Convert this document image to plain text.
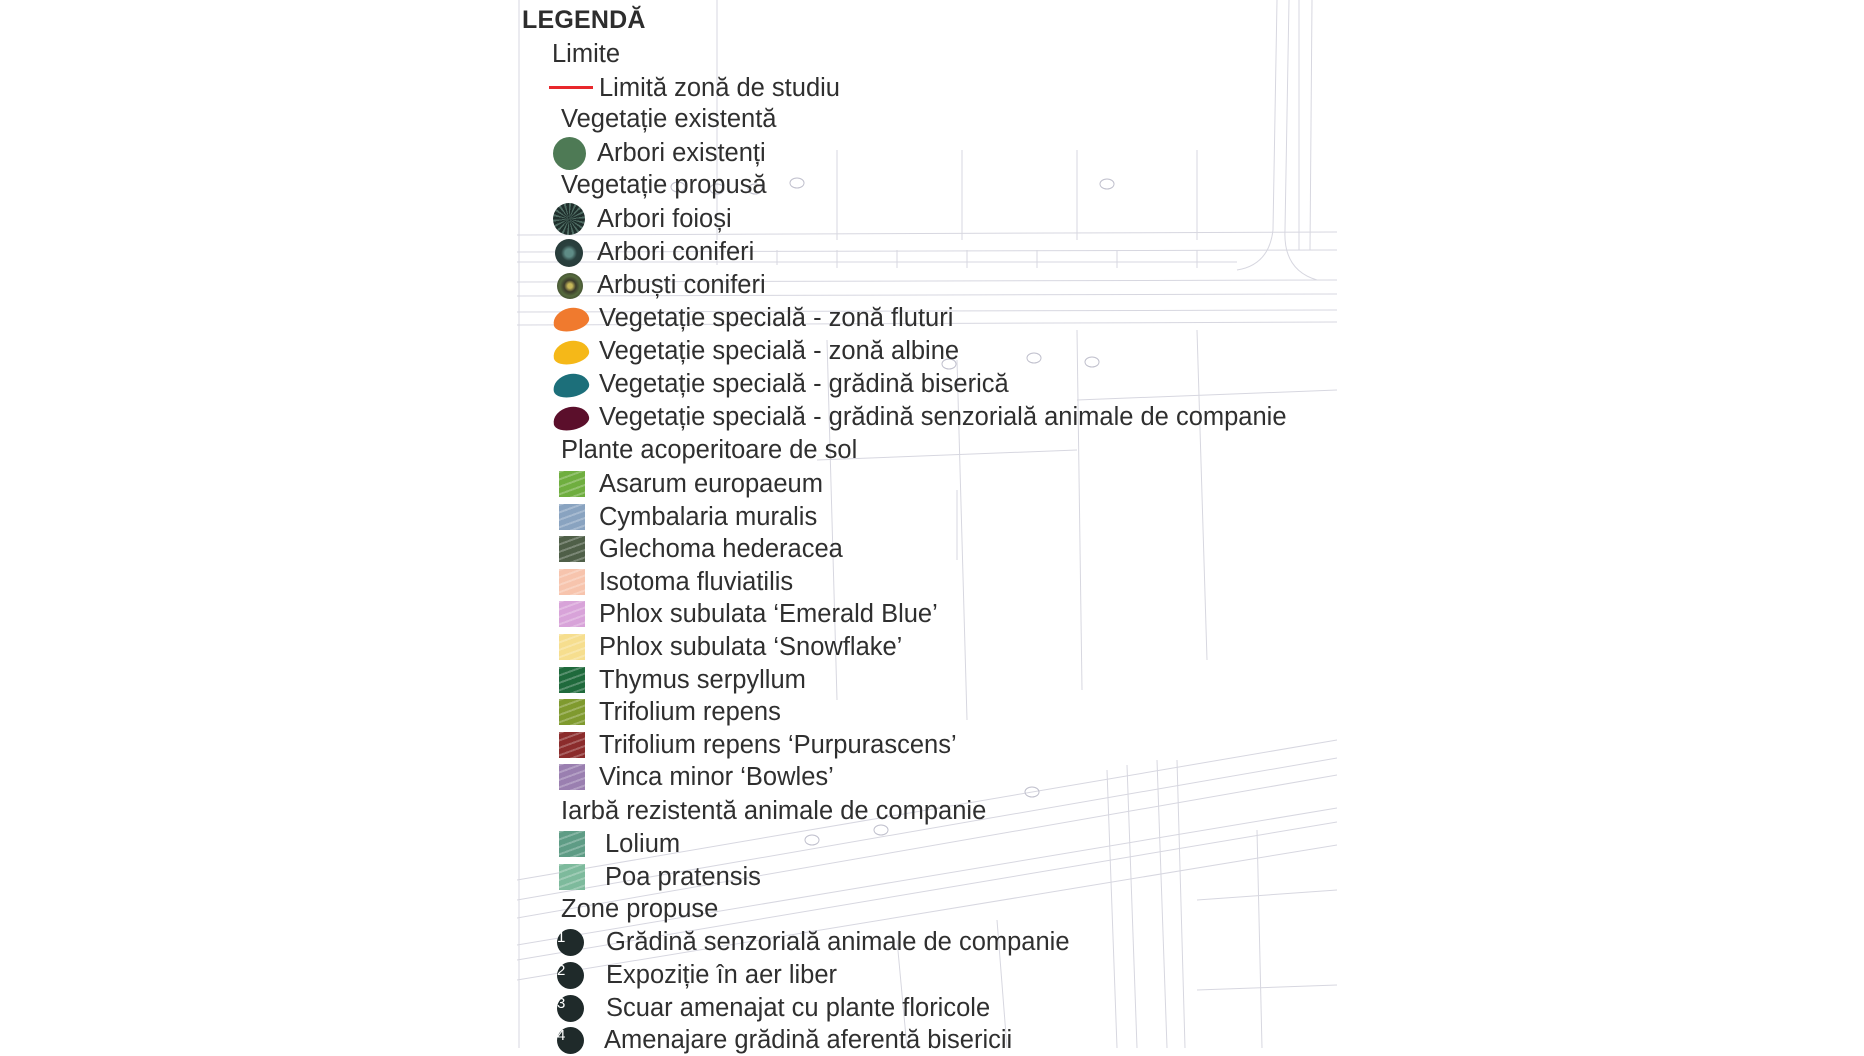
LEGENDĂ
Limite
Limită zonă de studiu
Vegetație existentă
Arbori existenți
Vegetație propusă
Arbori foioși
Arbori coniferi
Arbuști coniferi
Vegetație specială - zonă fluturi
Vegetație specială - zonă albine
Vegetație specială - grădină biserică
Vegetație specială - grădină senzorială animale de companie
Plante acoperitoare de sol
Asarum europaeum
Cymbalaria muralis
Glechoma hederacea
Isotoma fluviatilis
Phlox subulata ‘Emerald Blue’
Phlox subulata ‘Snowflake’
Thymus serpyllum
Trifolium repens
Trifolium repens ‘Purpurascens’
Vinca minor ‘Bowles’
Iarbă rezistentă animale de companie
Lolium
Poa pratensis
Zone propuse
1	Grădină senzorială animale de companie
2	Expoziție în aer liber
3	Scuar amenajat cu plante floricole
4	Amenajare grădină aferentă bisericii
